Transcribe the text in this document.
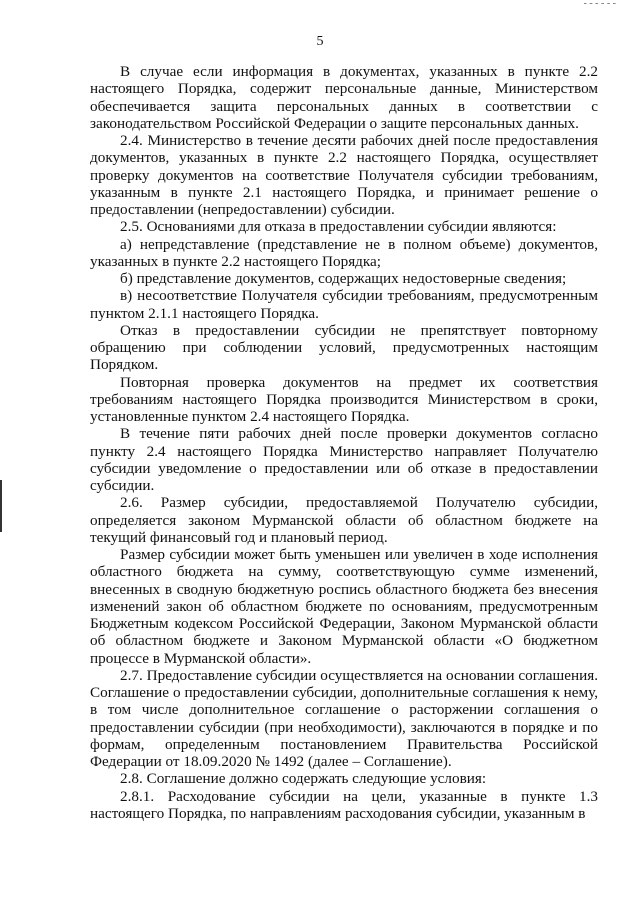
- - - - - -
5

В случае если информация в документах, указанных в пункте 2.2 настоящего Порядка, содержит персональные данные, Министерством обеспечивается защита персональных данных в соответствии с законодательством Российской Федерации о защите персональных данных.

2.4. Министерство в течение десяти рабочих дней после предоставления документов, указанных в пункте 2.2 настоящего Порядка, осуществляет проверку документов на соответствие Получателя субсидии требованиям, указанным в пункте 2.1 настоящего Порядка, и принимает решение о предоставлении (непредоставлении) субсидии.

2.5. Основаниями для отказа в предоставлении субсидии являются:

а) непредставление (представление не в полном объеме) документов, указанных в пункте 2.2 настоящего Порядка;

б) представление документов, содержащих недостоверные сведения;

в) несоответствие Получателя субсидии требованиям, предусмотренным пунктом 2.1.1 настоящего Порядка.

Отказ в предоставлении субсидии не препятствует повторному обращению при соблюдении условий, предусмотренных настоящим Порядком.

Повторная проверка документов на предмет их соответствия требованиям настоящего Порядка производится Министерством в сроки, установленные пунктом 2.4 настоящего Порядка.

В течение пяти рабочих дней после проверки документов согласно пункту 2.4 настоящего Порядка Министерство направляет Получателю субсидии уведомление о предоставлении или об отказе в предоставлении субсидии.

2.6. Размер субсидии, предоставляемой Получателю субсидии, определяется законом Мурманской области об областном бюджете на текущий финансовый год и плановый период.

Размер субсидии может быть уменьшен или увеличен в ходе исполнения областного бюджета на сумму, соответствующую сумме изменений, внесенных в сводную бюджетную роспись областного бюджета без внесения изменений закон об областном бюджете по основаниям, предусмотренным Бюджетным кодексом Российской Федерации, Законом Мурманской области об областном бюджете и Законом Мурманской области «О бюджетном процессе в Мурманской области».

2.7. Предоставление субсидии осуществляется на основании соглашения. Соглашение о предоставлении субсидии, дополнительные соглашения к нему, в том числе дополнительное соглашение о расторжении соглашения о предоставлении субсидии (при необходимости), заключаются в порядке и по формам, определенным постановлением Правительства Российской Федерации от 18.09.2020 № 1492 (далее – Соглашение).

2.8. Соглашение должно содержать следующие условия:

2.8.1. Расходование субсидии на цели, указанные в пункте 1.3 настоящего Порядка, по направлениям расходования субсидии, указанным в
